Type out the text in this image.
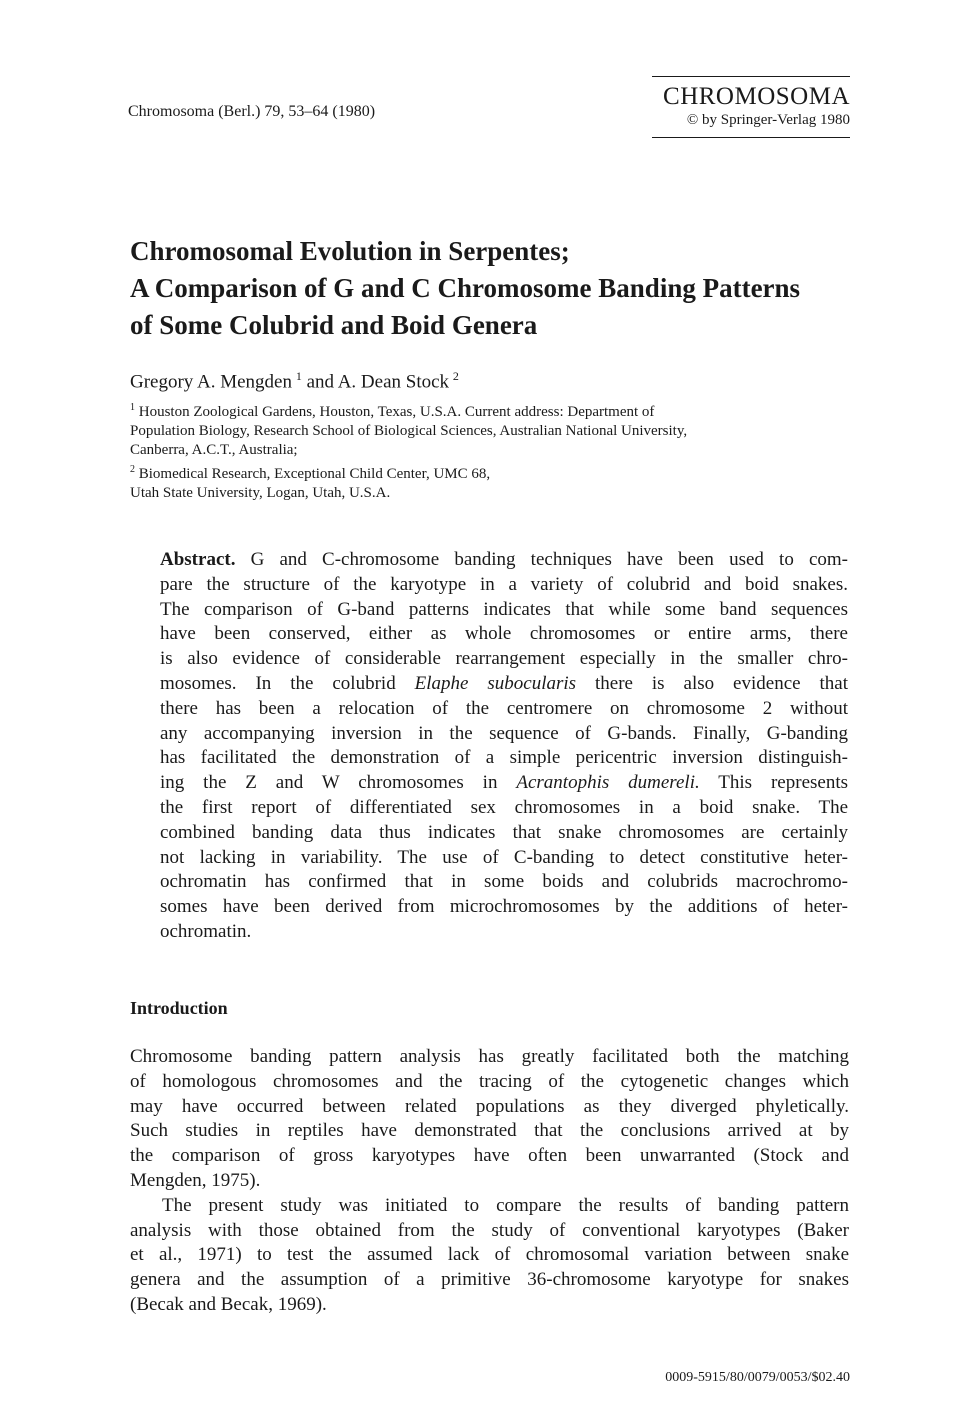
Chromosoma (Berl.) 79, 53–64 (1980)
CHROMOSOMA
© by Springer-Verlag 1980
Chromosomal Evolution in Serpentes;
A Comparison of G and C Chromosome Banding Patterns
of Some Colubrid and Boid Genera
Gregory A. Mengden  $^1$ and A. Dean Stock  $^2$
$^1$ Houston Zoological Gardens, Houston, Texas, U.S.A. Current address: Department of
Population Biology, Research School of Biological Sciences, Australian National University,
Canberra, A.C.T., Australia;
$^2$ Biomedical Research, Exceptional Child Center, UMC 68,
Utah State University, Logan, Utah, U.S.A.
Abstract. G and C-chromosome banding techniques have been used to com-
pare the structure of the karyotype in a variety of colubrid and boid snakes.
The comparison of G-band patterns indicates that while some band sequences
have been conserved, either as whole chromosomes or entire arms, there
is also evidence of considerable rearrangement especially in the smaller chro-
mosomes. In the colubrid Elaphe subocularis there is also evidence that
there has been a relocation of the centromere on chromosome 2 without
any accompanying inversion in the sequence of G-bands. Finally, G-banding
has facilitated the demonstration of a simple pericentric inversion distinguish-
ing the Z and W chromosomes in Acrantophis dumereli. This represents
the first report of differentiated sex chromosomes in a boid snake. The
combined banding data thus indicates that snake chromosomes are certainly
not lacking in variability. The use of C-banding to detect constitutive heter-
ochromatin has confirmed that in some boids and colubrids macrochromo-
somes have been derived from microchromosomes by the additions of heter-
ochromatin.
Introduction
Chromosome banding pattern analysis has greatly facilitated both the matching
of homologous chromosomes and the tracing of the cytogenetic changes which
may have occurred between related populations as they diverged phyletically.
Such studies in reptiles have demonstrated that the conclusions arrived at by
the comparison of gross karyotypes have often been unwarranted (Stock and
Mengden, 1975).
The present study was initiated to compare the results of banding pattern
analysis with those obtained from the study of conventional karyotypes (Baker
et al., 1971) to test the assumed lack of chromosomal variation between snake
genera and the assumption of a primitive 36-chromosome karyotype for snakes
(Becak and Becak, 1969).
0009-5915/80/0079/0053/$02.40
